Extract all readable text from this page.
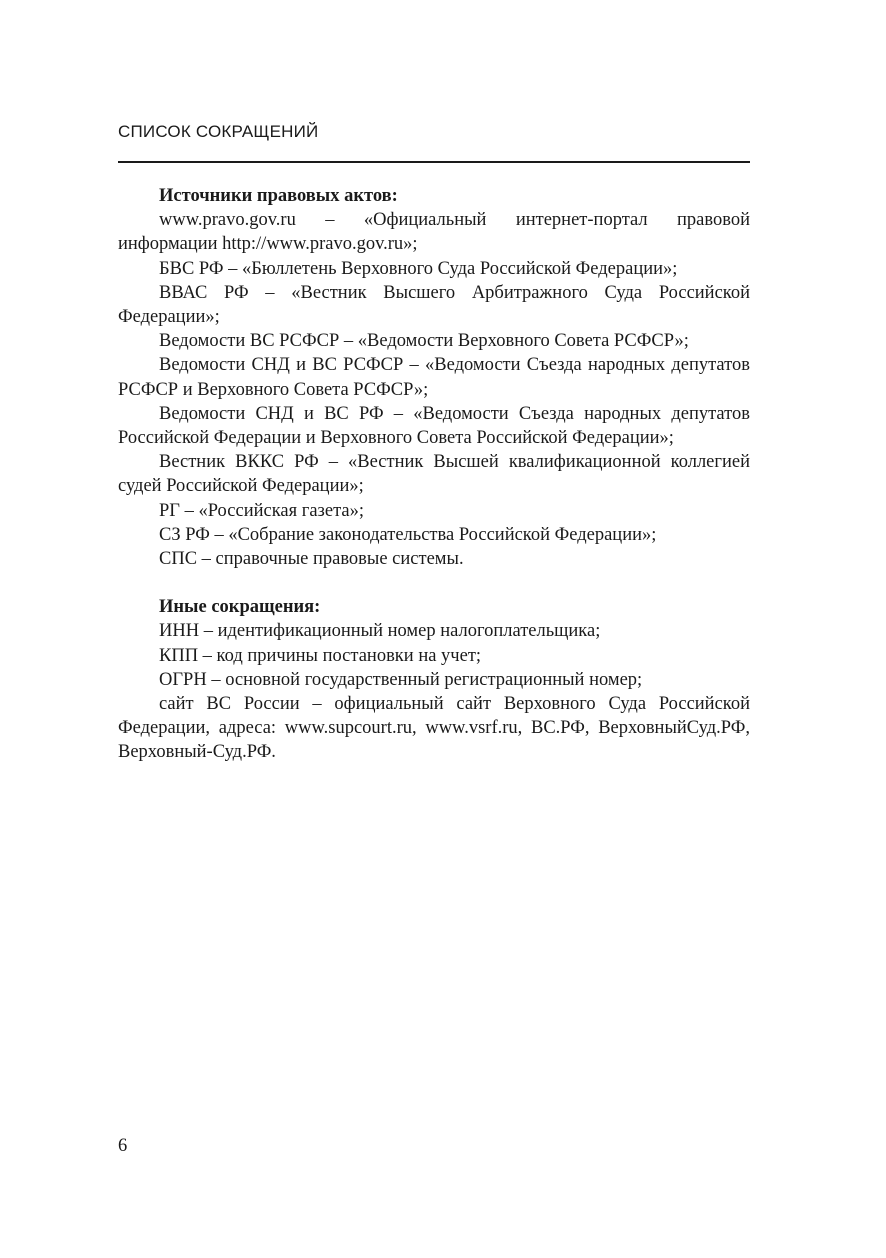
СПИСОК СОКРАЩЕНИЙ

Источники правовых актов:

www.pravo.gov.ru – «Официальный интернет-портал правовой информации http://www.pravo.gov.ru»;

БВС РФ – «Бюллетень Верховного Суда Российской Федерации»;

ВВАС РФ – «Вестник Высшего Арбитражного Суда Российской Федерации»;

Ведомости ВС РСФСР – «Ведомости Верховного Совета РСФСР»;

Ведомости СНД и ВС РСФСР – «Ведомости Съезда народных депутатов РСФСР и Верховного Совета РСФСР»;

Ведомости СНД и ВС РФ – «Ведомости Съезда народных депутатов Российской Федерации и Верховного Совета Российской Федерации»;

Вестник ВККС РФ – «Вестник Высшей квалификационной коллегией судей Российской Федерации»;

РГ – «Российская газета»;

СЗ РФ – «Собрание законодательства Российской Федерации»;

СПС – справочные правовые системы.

Иные сокращения:

ИНН – идентификационный номер налогоплательщика;

КПП – код причины постановки на учет;

ОГРН – основной государственный регистрационный номер;

сайт ВС России – официальный сайт Верховного Суда Российской Федерации, адреса: www.supcourt.ru, www.vsrf.ru, ВС.РФ, ВерховныйСуд.РФ, Верховный-Суд.РФ.

6
